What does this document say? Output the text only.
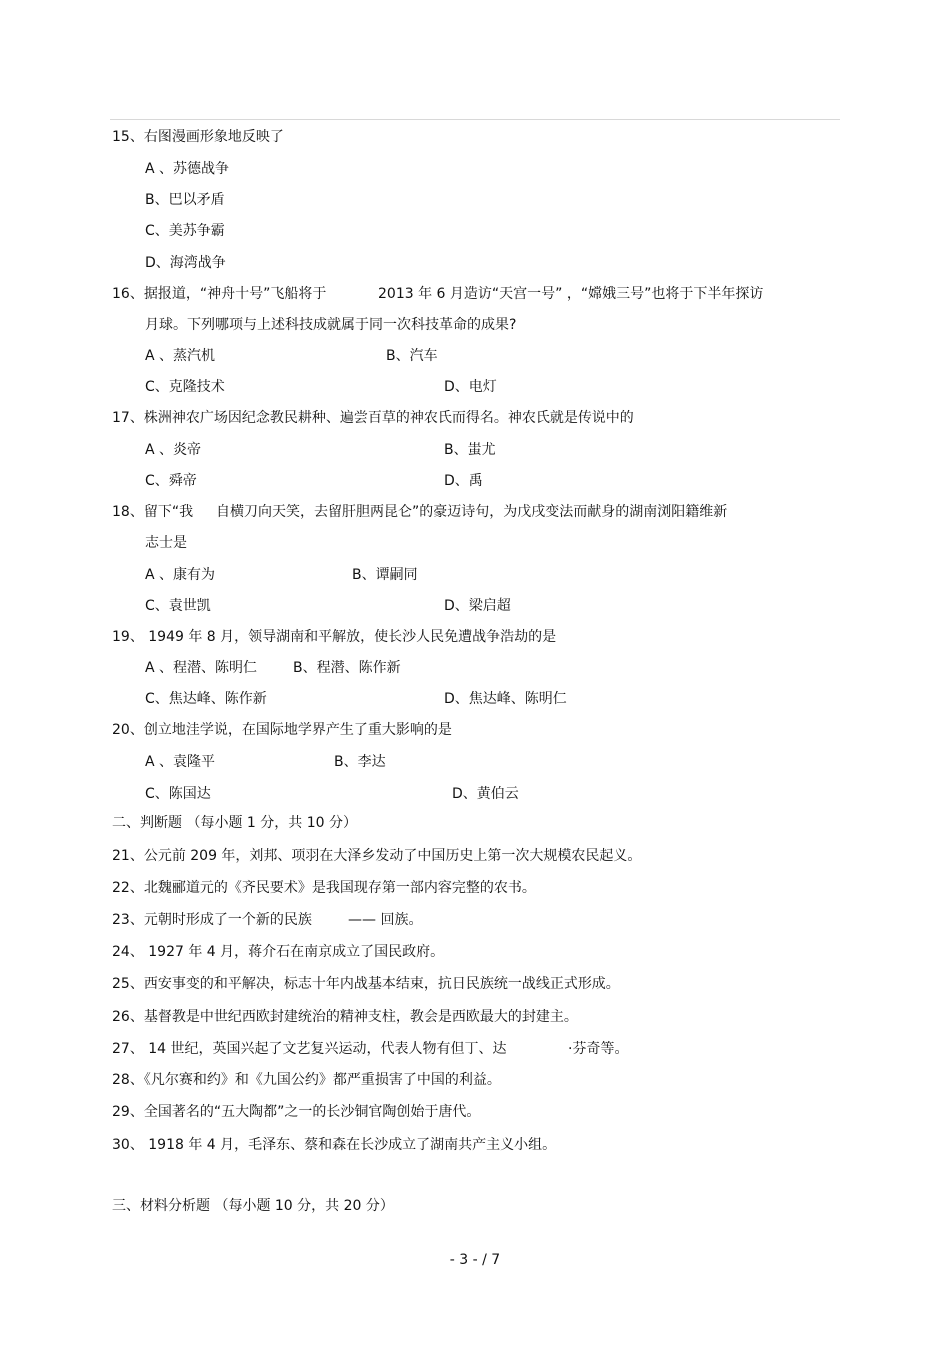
15、右图漫画形象地反映了
A 、苏德战争
B、巴以矛盾
C、美苏争霸
D、海湾战争
16、据报道，“神舟十号”飞船将于	2013 年 6 月造访“天宫一号” ，“嫦娥三号”也将于下半年探访
月球。下列哪项与上述科技成就属于同一次科技革命的成果?
A 、蒸汽机	B、汽车
C、克隆技术	D、电灯
17、株洲神农广场因纪念教民耕种、遍尝百草的神农氏而得名。神农氏就是传说中的
A 、炎帝	B、蚩尤
C、舜帝	D、禹
18、留下“我 自横刀向天笑，去留肝胆两昆仑”的豪迈诗句，为戊戌变法而献身的湖南浏阳籍维新
志士是
A 、康有为	B、谭嗣同
C、袁世凯	D、梁启超
19、 1949 年 8 月，领导湖南和平解放，使长沙人民免遭战争浩劫的是
A 、程潜、陈明仁	B、程潜、陈作新
C、焦达峰、陈作新	D、焦达峰、陈明仁
20、创立地洼学说，在国际地学界产生了重大影响的是
A 、袁隆平	B、李达
C、陈国达	D、黄伯云
二、判断题 （每小题 1 分，共 10 分）
21、公元前 209 年，刘邦、项羽在大泽乡发动了中国历史上第一次大规模农民起义。
22、北魏郦道元的《齐民要术》是我国现存第一部内容完整的农书。
23、元朝时形成了一个新的民族	—— 回族。
24、 1927 年 4 月，蒋介石在南京成立了国民政府。
25、西安事变的和平解决，标志十年内战基本结束，抗日民族统一战线正式形成。
26、基督教是中世纪西欧封建统治的精神支柱，教会是西欧最大的封建主。
27、 14 世纪，英国兴起了文艺复兴运动，代表人物有但丁、达	·芬奇等。
28、《凡尔赛和约》和《九国公约》都严重损害了中国的利益。
29、全国著名的“五大陶都”之一的长沙铜官陶创始于唐代。
30、 1918 年 4 月，毛泽东、蔡和森在长沙成立了湖南共产主义小组。
三、材料分析题 （每小题 10 分，共 20 分）
- 3 - / 7
